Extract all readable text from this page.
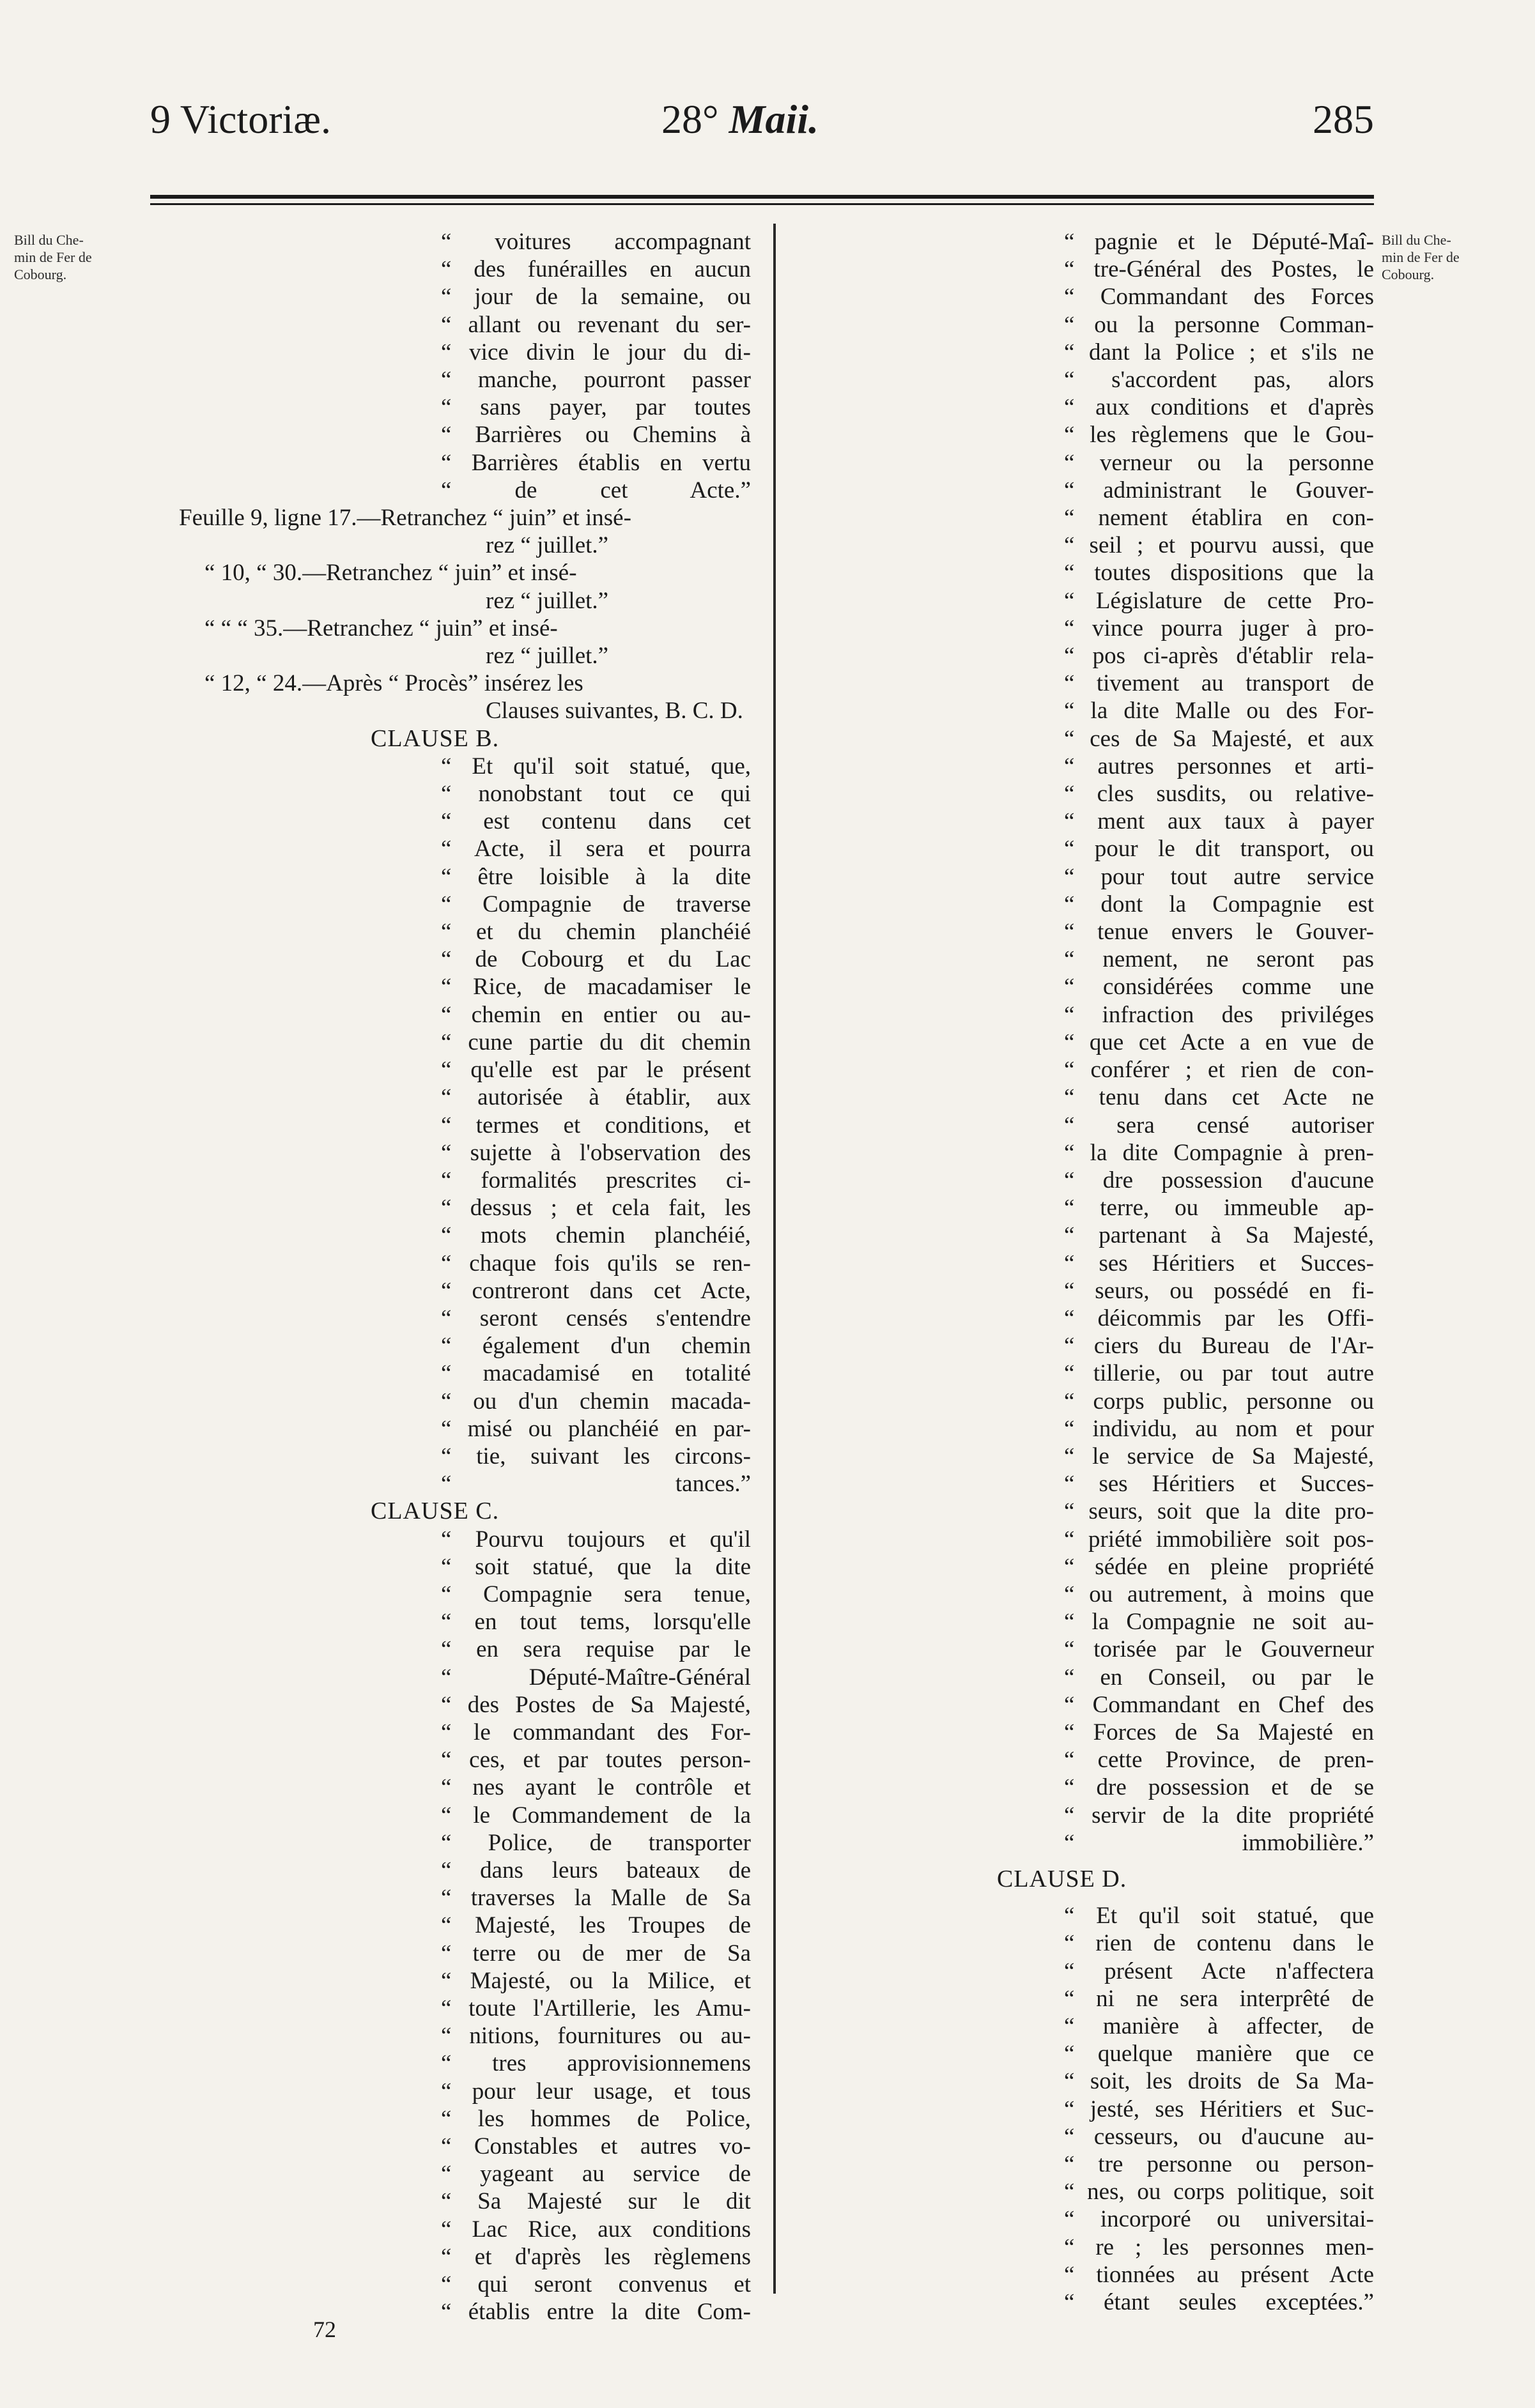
9 Victoriæ.	28° Maii.	285
Bill du Che-
min de Fer de
Cobourg.
Bill du Che-
min de Fer de
Cobourg.
“ voitures accompagnant
“ des funérailles en aucun
“ jour de la semaine, ou
“ allant ou revenant du ser-
“ vice divin le jour du di-
“ manche, pourront passer
“ sans payer, par toutes
“ Barrières ou Chemins à
“ Barrières établis en vertu
“ de cet Acte.”
Feuille 9, ligne 17.—Retranchez “ juin” et insé-
rez “ juillet.”
“ 10, “ 30.—Retranchez “ juin” et insé-
rez “ juillet.”
“ “ “ 35.—Retranchez “ juin” et insé-
rez “ juillet.”
“ 12, “ 24.—Après “ Procès” insérez les
Clauses suivantes, B. C. D.
CLAUSE B.
“ Et qu'il soit statué, que,
“ nonobstant tout ce qui
“ est contenu dans cet
“ Acte, il sera et pourra
“ être loisible à la dite
“ Compagnie de traverse
“ et du chemin planchéié
“ de Cobourg et du Lac
“ Rice, de macadamiser le
“ chemin en entier ou au-
“ cune partie du dit chemin
“ qu'elle est par le présent
“ autorisée à établir, aux
“ termes et conditions, et
“ sujette à l'observation des
“ formalités prescrites ci-
“ dessus ; et cela fait, les
“ mots chemin planchéié,
“ chaque fois qu'ils se ren-
“ contreront dans cet Acte,
“ seront censés s'entendre
“ également d'un chemin
“ macadamisé en totalité
“ ou d'un chemin macada-
“ misé ou planchéié en par-
“ tie, suivant les circons-
“ tances.”
CLAUSE C.
“ Pourvu toujours et qu'il
“ soit statué, que la dite
“ Compagnie sera tenue,
“ en tout tems, lorsqu'elle
“ en sera requise par le
“ Député-Maître-Général
“ des Postes de Sa Majesté,
“ le commandant des For-
“ ces, et par toutes person-
“ nes ayant le contrôle et
“ le Commandement de la
“ Police, de transporter
“ dans leurs bateaux de
“ traverses la Malle de Sa
“ Majesté, les Troupes de
“ terre ou de mer de Sa
“ Majesté, ou la Milice, et
“ toute l'Artillerie, les Amu-
“ nitions, fournitures ou au-
“ tres approvisionnemens
“ pour leur usage, et tous
“ les hommes de Police,
“ Constables et autres vo-
“ yageant au service de
“ Sa Majesté sur le dit
“ Lac Rice, aux conditions
“ et d'après les règlemens
“ qui seront convenus et
“ établis entre la dite Com-
“ pagnie et le Député-Maî-
“ tre-Général des Postes, le
“ Commandant des Forces
“ ou la personne Comman-
“ dant la Police ; et s'ils ne
“ s'accordent pas, alors
“ aux conditions et d'après
“ les règlemens que le Gou-
“ verneur ou la personne
“ administrant le Gouver-
“ nement établira en con-
“ seil ; et pourvu aussi, que
“ toutes dispositions que la
“ Législature de cette Pro-
“ vince pourra juger à pro-
“ pos ci-après d'établir rela-
“ tivement au transport de
“ la dite Malle ou des For-
“ ces de Sa Majesté, et aux
“ autres personnes et arti-
“ cles susdits, ou relative-
“ ment aux taux à payer
“ pour le dit transport, ou
“ pour tout autre service
“ dont la Compagnie est
“ tenue envers le Gouver-
“ nement, ne seront pas
“ considérées comme une
“ infraction des priviléges
“ que cet Acte a en vue de
“ conférer ; et rien de con-
“ tenu dans cet Acte ne
“ sera censé autoriser
“ la dite Compagnie à pren-
“ dre possession d'aucune
“ terre, ou immeuble ap-
“ partenant à Sa Majesté,
“ ses Héritiers et Succes-
“ seurs, ou possédé en fi-
“ déicommis par les Offi-
“ ciers du Bureau de l'Ar-
“ tillerie, ou par tout autre
“ corps public, personne ou
“ individu, au nom et pour
“ le service de Sa Majesté,
“ ses Héritiers et Succes-
“ seurs, soit que la dite pro-
“ priété immobilière soit pos-
“ sédée en pleine propriété
“ ou autrement, à moins que
“ la Compagnie ne soit au-
“ torisée par le Gouverneur
“ en Conseil, ou par le
“ Commandant en Chef des
“ Forces de Sa Majesté en
“ cette Province, de pren-
“ dre possession et de se
“ servir de la dite propriété
“ immobilière.”
CLAUSE D.
“ Et qu'il soit statué, que
“ rien de contenu dans le
“ présent Acte n'affectera
“ ni ne sera interprêté de
“ manière à affecter, de
“ quelque manière que ce
“ soit, les droits de Sa Ma-
“ jesté, ses Héritiers et Suc-
“ cesseurs, ou d'aucune au-
“ tre personne ou person-
“ nes, ou corps politique, soit
“ incorporé ou universitai-
“ re ; les personnes men-
“ tionnées au présent Acte
“ étant seules exceptées.”
72
